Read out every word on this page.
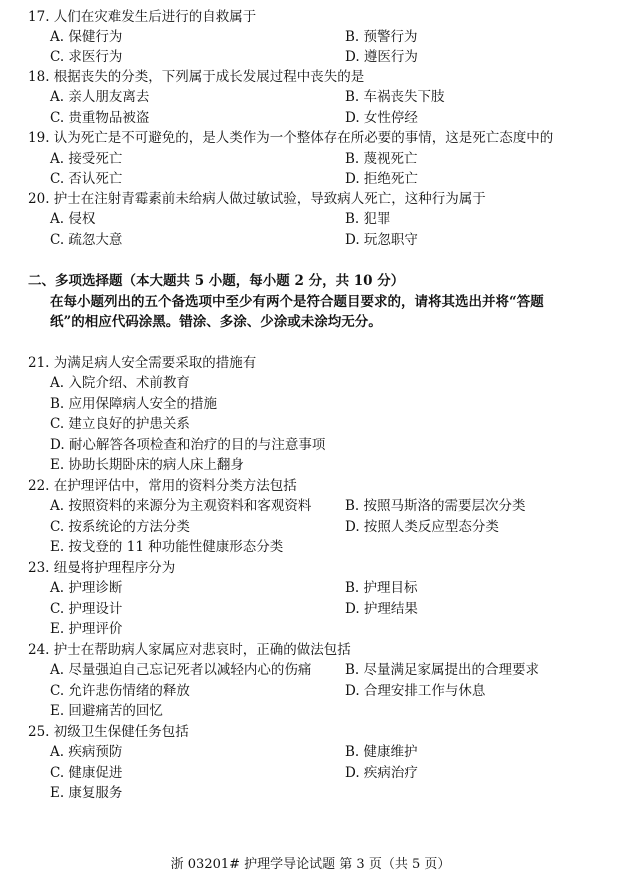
17. 人们在灾难发生后进行的自救属于
A. 保健行为	B. 预警行为
C. 求医行为	D. 遵医行为
18. 根据丧失的分类，下列属于成长发展过程中丧失的是
A. 亲人朋友离去	B. 车祸丧失下肢
C. 贵重物品被盗	D. 女性停经
19. 认为死亡是不可避免的，是人类作为一个整体存在所必要的事情，这是死亡态度中的
A. 接受死亡	B. 蔑视死亡
C. 否认死亡	D. 拒绝死亡
20. 护士在注射青霉素前未给病人做过敏试验，导致病人死亡，这种行为属于
A. 侵权	B. 犯罪
C. 疏忽大意	D. 玩忽职守
二、多项选择题（本大题共 5 小题，每小题 2 分，共 10 分）
在每小题列出的五个备选项中至少有两个是符合题目要求的，请将其选出并将“答题
纸”的相应代码涂黑。错涂、多涂、少涂或未涂均无分。
21. 为满足病人安全需要采取的措施有
A. 入院介绍、术前教育
B. 应用保障病人安全的措施
C. 建立良好的护患关系
D. 耐心解答各项检查和治疗的目的与注意事项
E. 协助长期卧床的病人床上翻身
22. 在护理评估中，常用的资料分类方法包括
A. 按照资料的来源分为主观资料和客观资料 B. 按照马斯洛的需要层次分类
C. 按系统论的方法分类	D. 按照人类反应型态分类
E. 按戈登的 11 种功能性健康形态分类
23. 纽曼将护理程序分为
A. 护理诊断	B. 护理目标
C. 护理设计	D. 护理结果
E. 护理评价
24. 护士在帮助病人家属应对悲哀时，正确的做法包括
A. 尽量强迫自己忘记死者以减轻内心的伤痛 B. 尽量满足家属提出的合理要求
C. 允许悲伤情绪的释放	D. 合理安排工作与休息
E. 回避痛苦的回忆
25. 初级卫生保健任务包括
A. 疾病预防	B. 健康维护
C. 健康促进	D. 疾病治疗
E. 康复服务
浙 03201# 护理学导论试题 第 3 页（共 5 页）
